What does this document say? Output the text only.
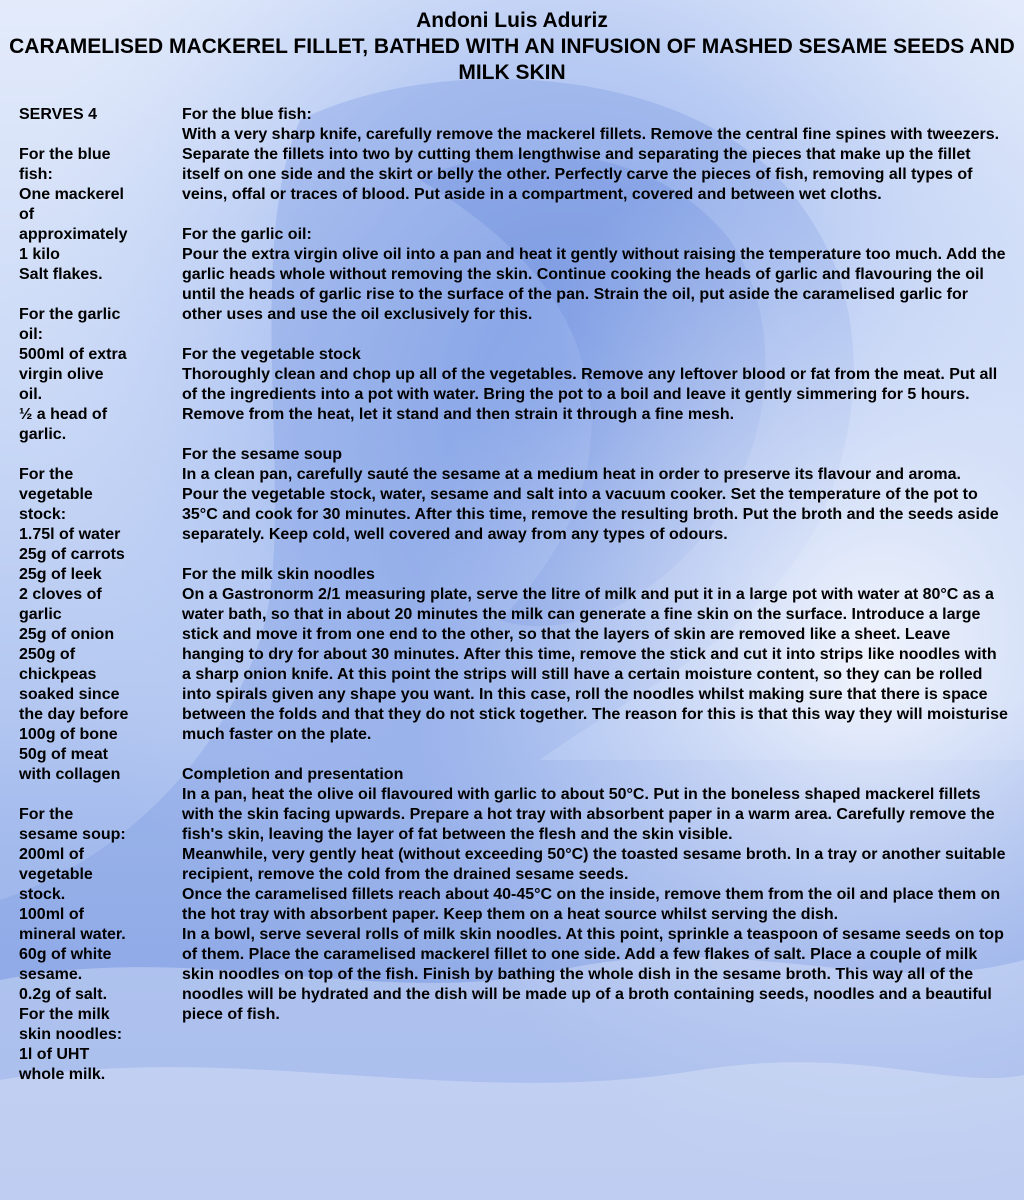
Andoni Luis Aduriz
CARAMELISED MACKEREL FILLET, BATHED WITH AN INFUSION OF MASHED SESAME SEEDS AND MILK SKIN
SERVES 4
For the blue
fish:
One mackerel
of
approximately
1 kilo
Salt flakes.
For the garlic
oil:
500ml of extra
virgin olive
oil.
½ a head of
garlic.
For the
vegetable
stock:
1.75l of water
25g of carrots
25g of leek
2 cloves of
garlic
25g of onion
250g of
chickpeas
soaked since
the day before
100g of bone
50g of meat
with collagen
For the
sesame soup:
200ml of
vegetable
stock.
100ml of
mineral water.
60g of white
sesame.
0.2g of salt.
For the milk
skin noodles:
1l of UHT
whole milk.
For the blue fish:
With a very sharp knife, carefully remove the mackerel fillets. Remove the central fine spines with tweezers. Separate the fillets into two by cutting them lengthwise and separating the pieces that make up the fillet itself on one side and the skirt or belly the other. Perfectly carve the pieces of fish, removing all types of veins, offal or traces of blood. Put aside in a compartment, covered and between wet cloths.
For the garlic oil:
Pour the extra virgin olive oil into a pan and heat it gently without raising the temperature too much. Add the garlic heads whole without removing the skin. Continue cooking the heads of garlic and flavouring the oil until the heads of garlic rise to the surface of the pan. Strain the oil, put aside the caramelised garlic for other uses and use the oil exclusively for this.
For the vegetable stock
Thoroughly clean and chop up all of the vegetables. Remove any leftover blood or fat from the meat. Put all of the ingredients into a pot with water. Bring the pot to a boil and leave it gently simmering for 5 hours. Remove from the heat, let it stand and then strain it through a fine mesh.
For the sesame soup
In a clean pan, carefully sauté the sesame at a medium heat in order to preserve its flavour and aroma.
Pour the vegetable stock, water, sesame and salt into a vacuum cooker. Set the temperature of the pot to 35°C and cook for 30 minutes. After this time, remove the resulting broth. Put the broth and the seeds aside separately. Keep cold, well covered and away from any types of odours.
For the milk skin noodles
On a Gastronorm 2/1 measuring plate, serve the litre of milk and put it in a large pot with water at 80°C as a water bath, so that in about 20 minutes the milk can generate a fine skin on the surface. Introduce a large stick and move it from one end to the other, so that the layers of skin are removed like a sheet. Leave hanging to dry for about 30 minutes. After this time, remove the stick and cut it into strips like noodles with a sharp onion knife. At this point the strips will still have a certain moisture content, so they can be rolled into spirals given any shape you want. In this case, roll the noodles whilst making sure that there is space between the folds and that they do not stick together. The reason for this is that this way they will moisturise much faster on the plate.
Completion and presentation
In a pan, heat the olive oil flavoured with garlic to about 50°C. Put in the boneless shaped mackerel fillets with the skin facing upwards. Prepare a hot tray with absorbent paper in a warm area. Carefully remove the fish's skin, leaving the layer of fat between the flesh and the skin visible.
Meanwhile, very gently heat (without exceeding 50°C) the toasted sesame broth. In a tray or another suitable recipient, remove the cold from the drained sesame seeds.
Once the caramelised fillets reach about 40-45°C on the inside, remove them from the oil and place them on the hot tray with absorbent paper. Keep them on a heat source whilst serving the dish.
In a bowl, serve several rolls of milk skin noodles. At this point, sprinkle a teaspoon of sesame seeds on top of them. Place the caramelised mackerel fillet to one side. Add a few flakes of salt. Place a couple of milk skin noodles on top of the fish. Finish by bathing the whole dish in the sesame broth. This way all of the noodles will be hydrated and the dish will be made up of a broth containing seeds, noodles and a beautiful piece of fish.
